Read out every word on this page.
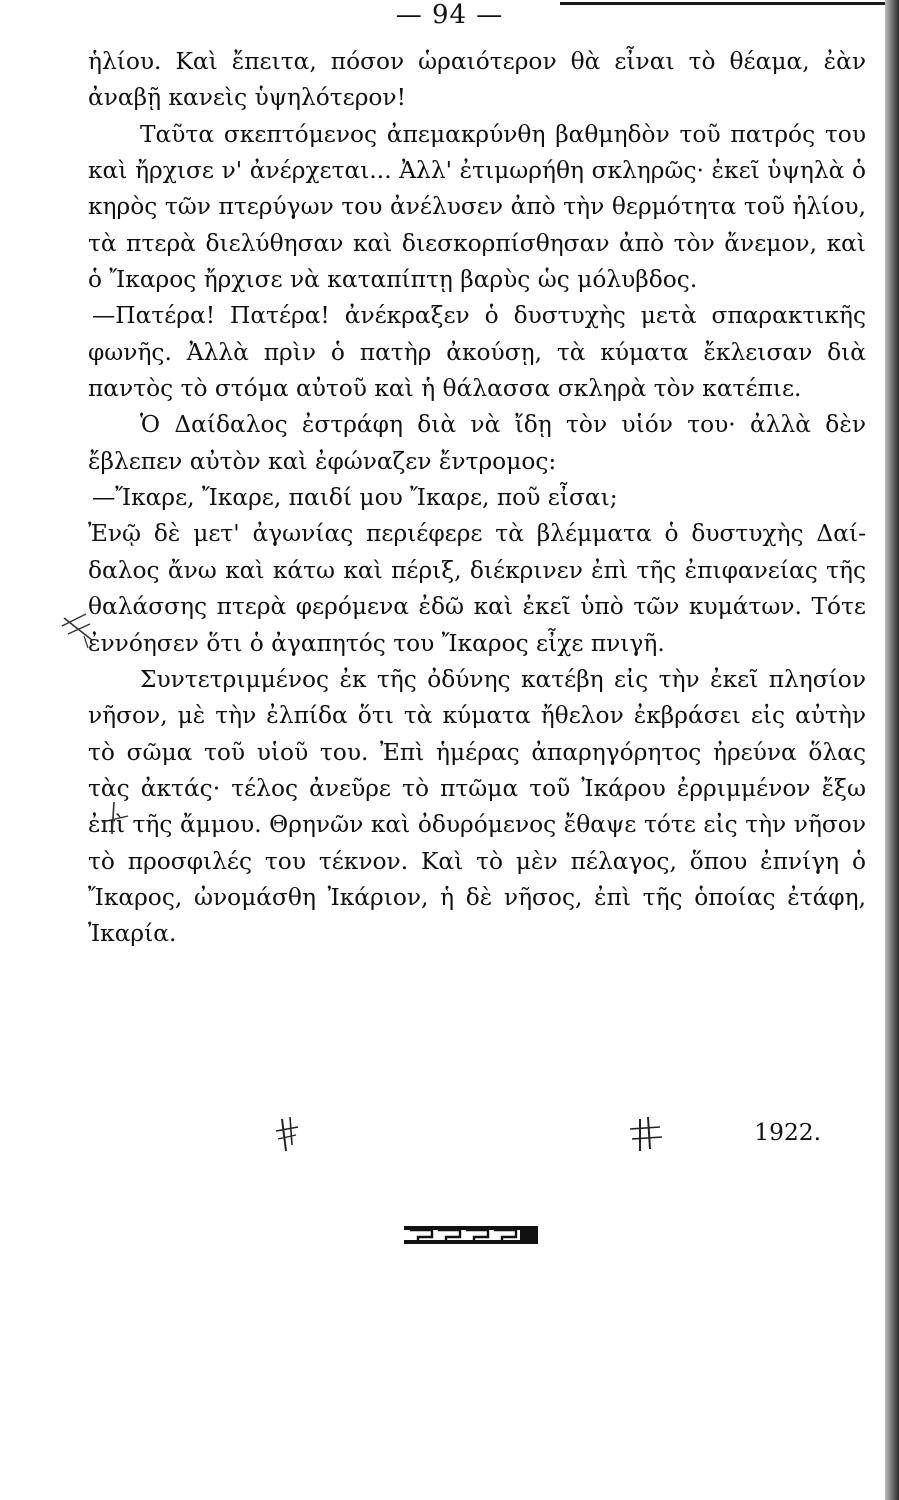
— 94 —

ἡλίου. Καὶ ἔπειτα, πόσον ὡραιότερον θὰ εἶναι τὸ θέαμα, ἐὰν ἀναβῇ κανεὶς ὑψηλότερον!

Ταῦτα σκεπτόμενος ἀπεμακρύνθη βαθμηδὸν τοῦ πατρός του καὶ ἤρχισε ν' ἀνέρχεται... Ἀλλ' ἐτιμωρήθη σκληρῶς· ἐκεῖ ὑψηλὰ ὁ κηρὸς τῶν πτερύγων του ἀνέλυσεν ἀπὸ τὴν θερμότητα τοῦ ἡλίου, τὰ πτερὰ διελύθησαν καὶ διεσκορπίσθησαν ἀπὸ τὸν ἄνεμον, καὶ ὁ Ἴκαρος ἤρχισε νὰ καταπίπτῃ βαρὺς ὡς μόλυβδος.

—Πατέρα! Πατέρα! ἀνέκραξεν ὁ δυστυχὴς μετὰ σπαρακτικῆς φωνῆς. Ἀλλὰ πρὶν ὁ πατὴρ ἀκούσῃ, τὰ κύματα ἔκλεισαν διὰ παντὸς τὸ στόμα αὐτοῦ καὶ ἡ θάλασσα σκληρὰ τὸν κατέπιε.

Ὁ Δαίδαλος ἐστράφη διὰ νὰ ἴδῃ τὸν υἱόν του· ἀλλὰ δὲν ἔβλεπεν αὐτὸν καὶ ἐφώναζεν ἔντρομος:

—Ἴκαρε, Ἴκαρε, παιδί μου Ἴκαρε, ποῦ εἶσαι;

Ἐνῷ δὲ μετ' ἀγωνίας περιέφερε τὰ βλέμματα ὁ δυστυχὴς Δαίδαλος ἄνω καὶ κάτω καὶ πέριξ, διέκρινεν ἐπὶ τῆς ἐπιφανείας τῆς θαλάσσης πτερὰ φερόμενα ἐδῶ καὶ ἐκεῖ ὑπὸ τῶν κυμάτων. Τότε ἐννόησεν ὅτι ὁ ἀγαπητός του Ἴκαρος εἶχε πνιγῆ.

Συντετριμμένος ἐκ τῆς ὀδύνης κατέβη εἰς τὴν ἐκεῖ πλησίον νῆσον, μὲ τὴν ἐλπίδα ὅτι τὰ κύματα ἤθελον ἐκβράσει εἰς αὐτὴν τὸ σῶμα τοῦ υἱοῦ του. Ἐπὶ ἡμέρας ἀπαρηγόρητος ἠρεύνα ὅλας τὰς ἀκτάς· τέλος ἀνεῦρε τὸ πτῶμα τοῦ Ἰκάρου ἐρριμμένον ἔξω ἐπὶ τῆς ἄμμου. Θρηνῶν καὶ ὀδυρόμενος ἔθαψε τότε εἰς τὴν νῆσον τὸ προσφιλές του τέκνον. Καὶ τὸ μὲν πέλαγος, ὅπου ἐπνίγη ὁ Ἴκαρος, ὠνομάσθη Ἰκάριον, ἡ δὲ νῆσος, ἐπὶ τῆς ὁποίας ἐτάφη, Ἰκαρία.

1922.
